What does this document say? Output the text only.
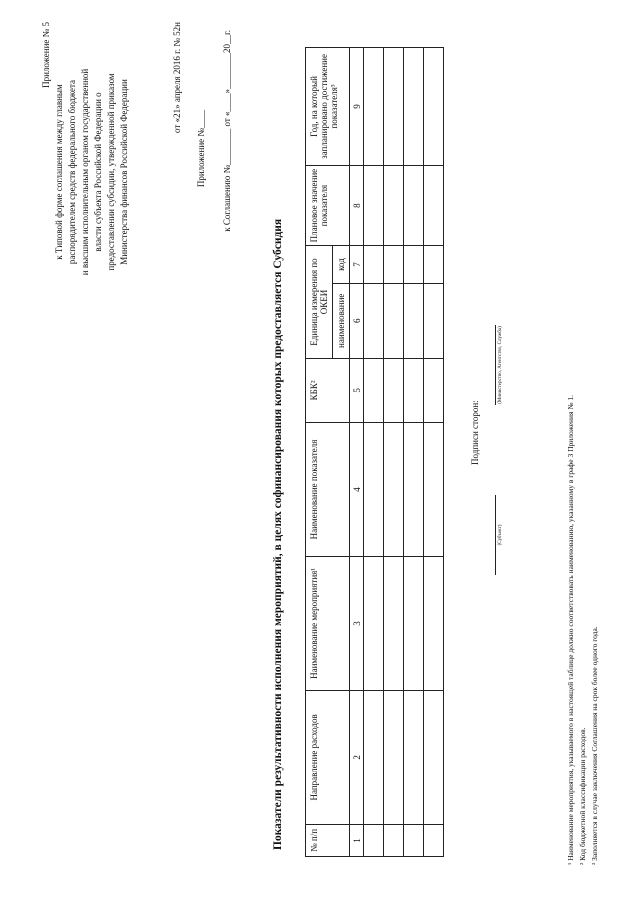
Приложение № 5
к Типовой форме соглашения между главным распорядителем средств федерального бюджета и высшим исполнительным органом государственной власти субъекта Российской Федерации о предоставлении субсидии, утвержденной приказом Министерства финансов Российской Федерации
от «21» апреля 2016 г. № 52н
Приложение №____ к Соглашению №________ от «____»________20__г.
Показатели результативности исполнения мероприятий, в целях софинансирования которых предоставляется Субсидия	№ п/п	Направление расходов	Наименование мероприятия¹	Наименование показателя	КБК²	Единица измерения по ОКЕИ		Плановое значение показателя	Год, на который запланировано достижение показателя³
					наименование	код		
1	2	3	4	5	6	7	8	9

Подписи сторон:
(Субъект)
(Министерство, Агентство, Служба)
¹ Наименование мероприятия, указываемого в настоящей таблице должно соответствовать наименованию, указанному в графе 3 Приложения № 1. ² Код бюджетной классификации расходов. ³ Заполняется в случае заключения Соглашения на срок более одного года.
